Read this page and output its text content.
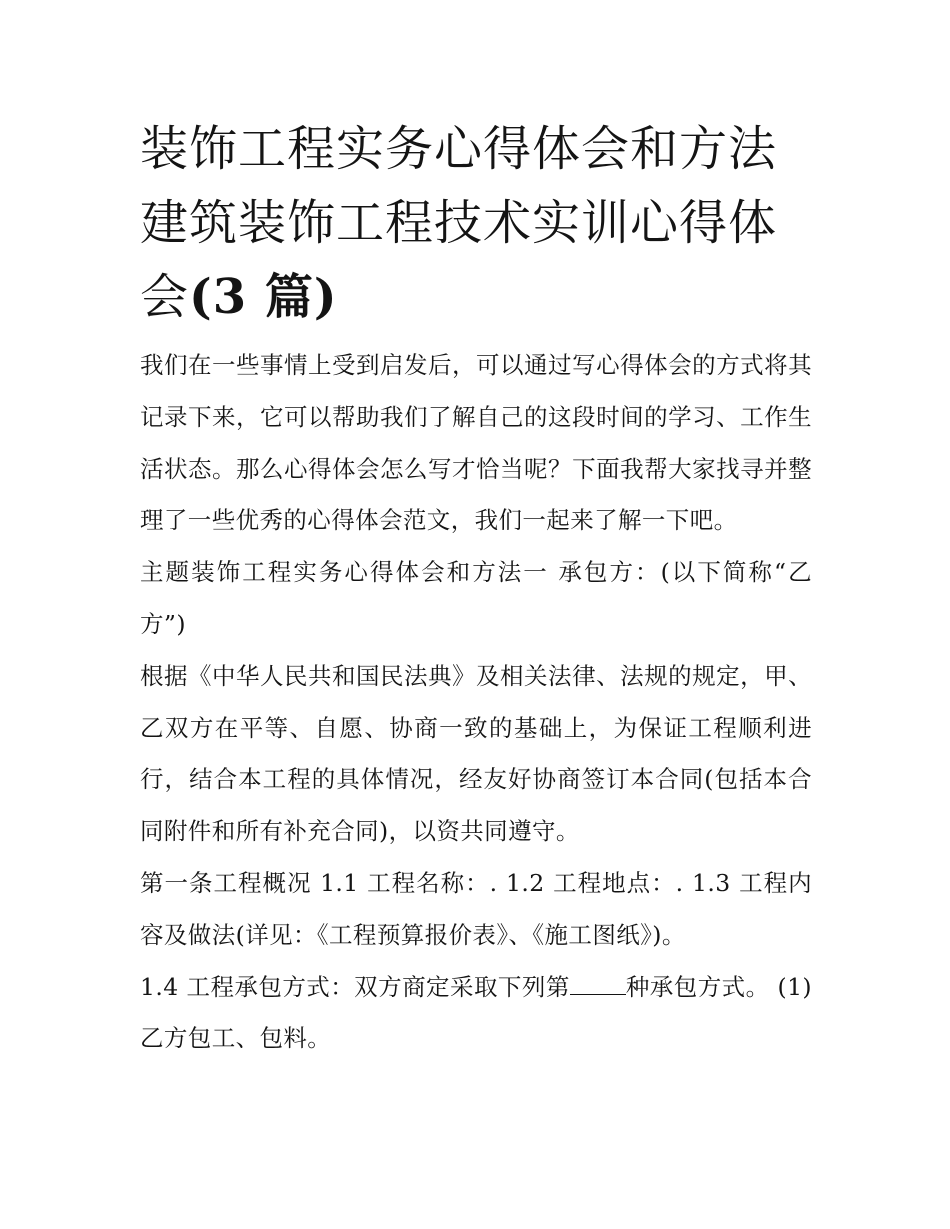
装饰工程实务心得体会和方法建筑装饰工程技术实训心得体会(3 篇)

我们在一些事情上受到启发后，可以通过写心得体会的方式将其记录下来，它可以帮助我们了解自己的这段时间的学习、工作生活状态。那么心得体会怎么写才恰当呢？下面我帮大家找寻并整理了一些优秀的心得体会范文，我们一起来了解一下吧。

主题装饰工程实务心得体会和方法一 承包方：(以下简称“乙方”)

根据《中华人民共和国民法典》及相关法律、法规的规定，甲、乙双方在平等、自愿、协商一致的基础上，为保证工程顺利进行，结合本工程的具体情况，经友好协商签订本合同(包括本合同附件和所有补充合同)，以资共同遵守。

第一条工程概况 1.1 工程名称：. 1.2 工程地点：. 1.3 工程内容及做法(详见：《工程预算报价表》、《施工图纸》)。

1.4 工程承包方式：双方商定采取下列第 种承包方式。 (1) 乙方包工、包料。
